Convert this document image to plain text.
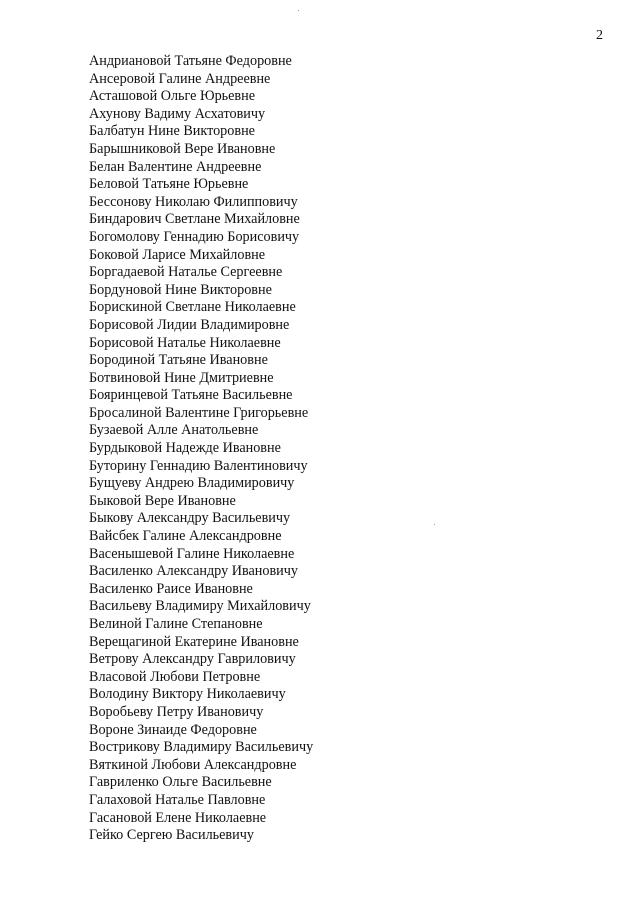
2
Андриановой Татьяне Федоровне
Ансеровой Галине Андреевне
Асташовой Ольге Юрьевне
Ахунову Вадиму Асхатовичу
Балбатун Нине Викторовне
Барышниковой Вере Ивановне
Белан Валентине Андреевне
Беловой Татьяне Юрьевне
Бессонову Николаю Филипповичу
Биндарович Светлане Михайловне
Богомолову Геннадию Борисовичу
Боковой Ларисе Михайловне
Боргадаевой Наталье Сергеевне
Бордуновой Нине Викторовне
Борискиной Светлане Николаевне
Борисовой Лидии Владимировне
Борисовой Наталье Николаевне
Бородиной Татьяне Ивановне
Ботвиновой Нине Дмитриевне
Бояринцевой Татьяне Васильевне
Бросалиной Валентине Григорьевне
Бузаевой Алле Анатольевне
Бурдыковой Надежде Ивановне
Буторину Геннадию Валентиновичу
Бущуеву Андрею Владимировичу
Быковой Вере Ивановне
Быкову Александру Васильевичу
Вайсбек Галине Александровне
Васенышевой Галине Николаевне
Василенко Александру Ивановичу
Василенко Раисе Ивановне
Васильеву Владимиру Михайловичу
Велиной Галине Степановне
Верещагиной Екатерине Ивановне
Ветрову Александру Гавриловичу
Власовой Любови Петровне
Володину Виктору Николаевичу
Воробьеву Петру Ивановичу
Вороне Зинаиде Федоровне
Вострикову Владимиру Васильевичу
Вяткиной Любови Александровне
Гавриленко Ольге Васильевне
Галаховой Наталье Павловне
Гасановой Елене Николаевне
Гейко Сергею Васильевичу
